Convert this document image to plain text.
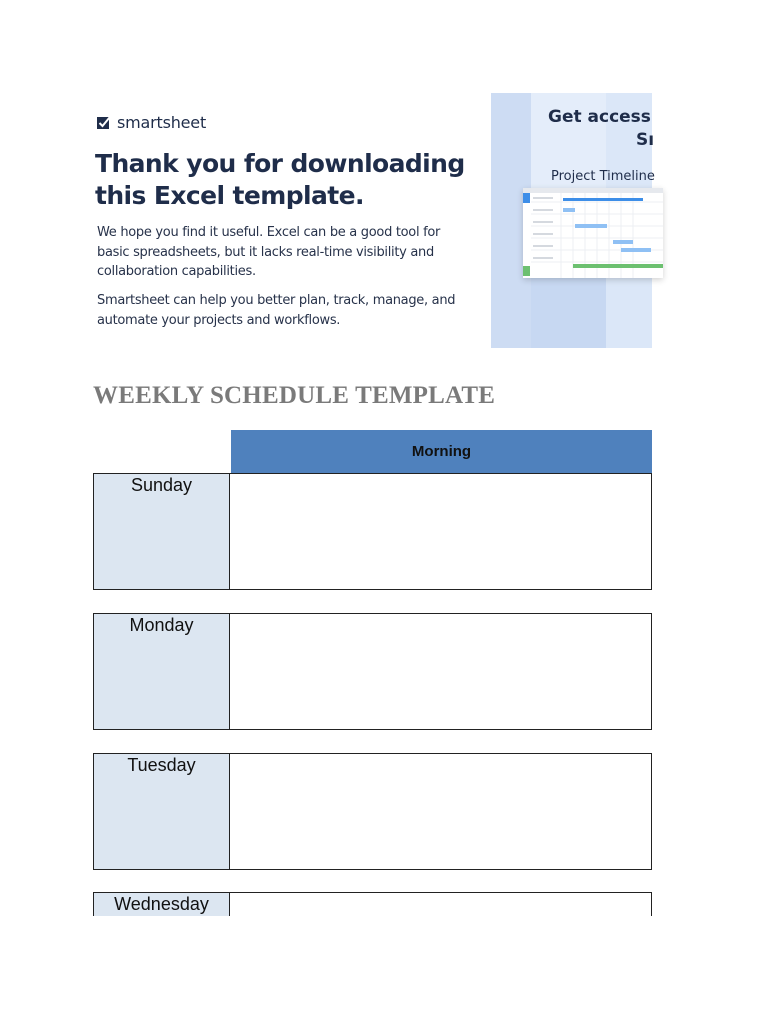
smartsheet
Thank you for downloading this Excel template.

We hope you find it useful. Excel can be a good tool for basic spreadsheets, but it lacks real-time visibility and collaboration capabilities.

Smartsheet can help you better plan, track, manage, and automate your projects and workflows.

Get access
Sı
Project Timeline
WEEKLY SCHEDULE TEMPLATE
Morning
Sunday
Monday
Tuesday
Wednesday
